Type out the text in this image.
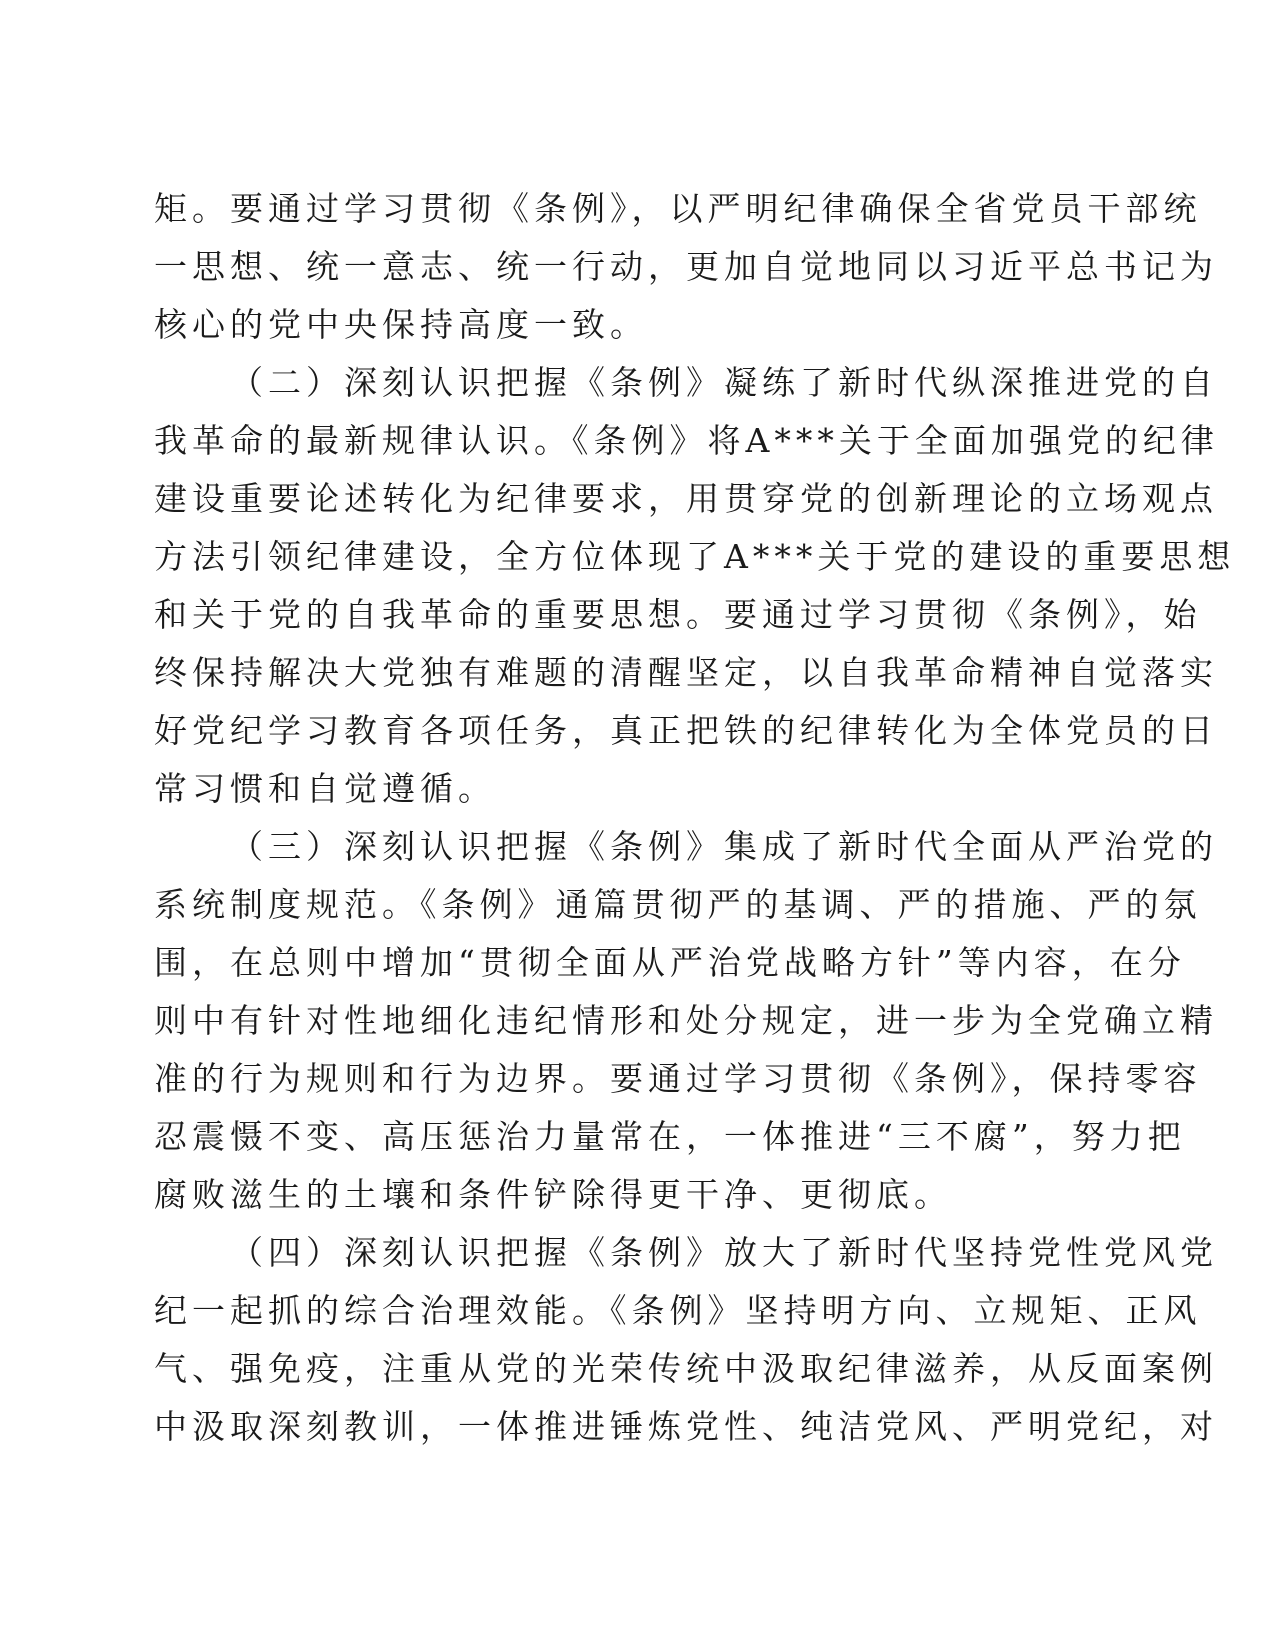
矩。要通过学习贯彻《条例》，以严明纪律确保全省党员干部统
一思想、统一意志、统一行动，更加自觉地同以习近平总书记为
核心的党中央保持高度一致。
（二）深刻认识把握《条例》凝练了新时代纵深推进党的自
我革命的最新规律认识。《条例》将A***关于全面加强党的纪律
建设重要论述转化为纪律要求，用贯穿党的创新理论的立场观点
方法引领纪律建设，全方位体现了A***关于党的建设的重要思想
和关于党的自我革命的重要思想。要通过学习贯彻《条例》，始
终保持解决大党独有难题的清醒坚定，以自我革命精神自觉落实
好党纪学习教育各项任务，真正把铁的纪律转化为全体党员的日
常习惯和自觉遵循。
（三）深刻认识把握《条例》集成了新时代全面从严治党的
系统制度规范。《条例》通篇贯彻严的基调、严的措施、严的氛
围，在总则中增加“贯彻全面从严治党战略方针”等内容，在分
则中有针对性地细化违纪情形和处分规定，进一步为全党确立精
准的行为规则和行为边界。要通过学习贯彻《条例》，保持零容
忍震慑不变、高压惩治力量常在，一体推进“三不腐”，努力把
腐败滋生的土壤和条件铲除得更干净、更彻底。
（四）深刻认识把握《条例》放大了新时代坚持党性党风党
纪一起抓的综合治理效能。《条例》坚持明方向、立规矩、正风
气、强免疫，注重从党的光荣传统中汲取纪律滋养，从反面案例
中汲取深刻教训，一体推进锤炼党性、纯洁党风、严明党纪，对
